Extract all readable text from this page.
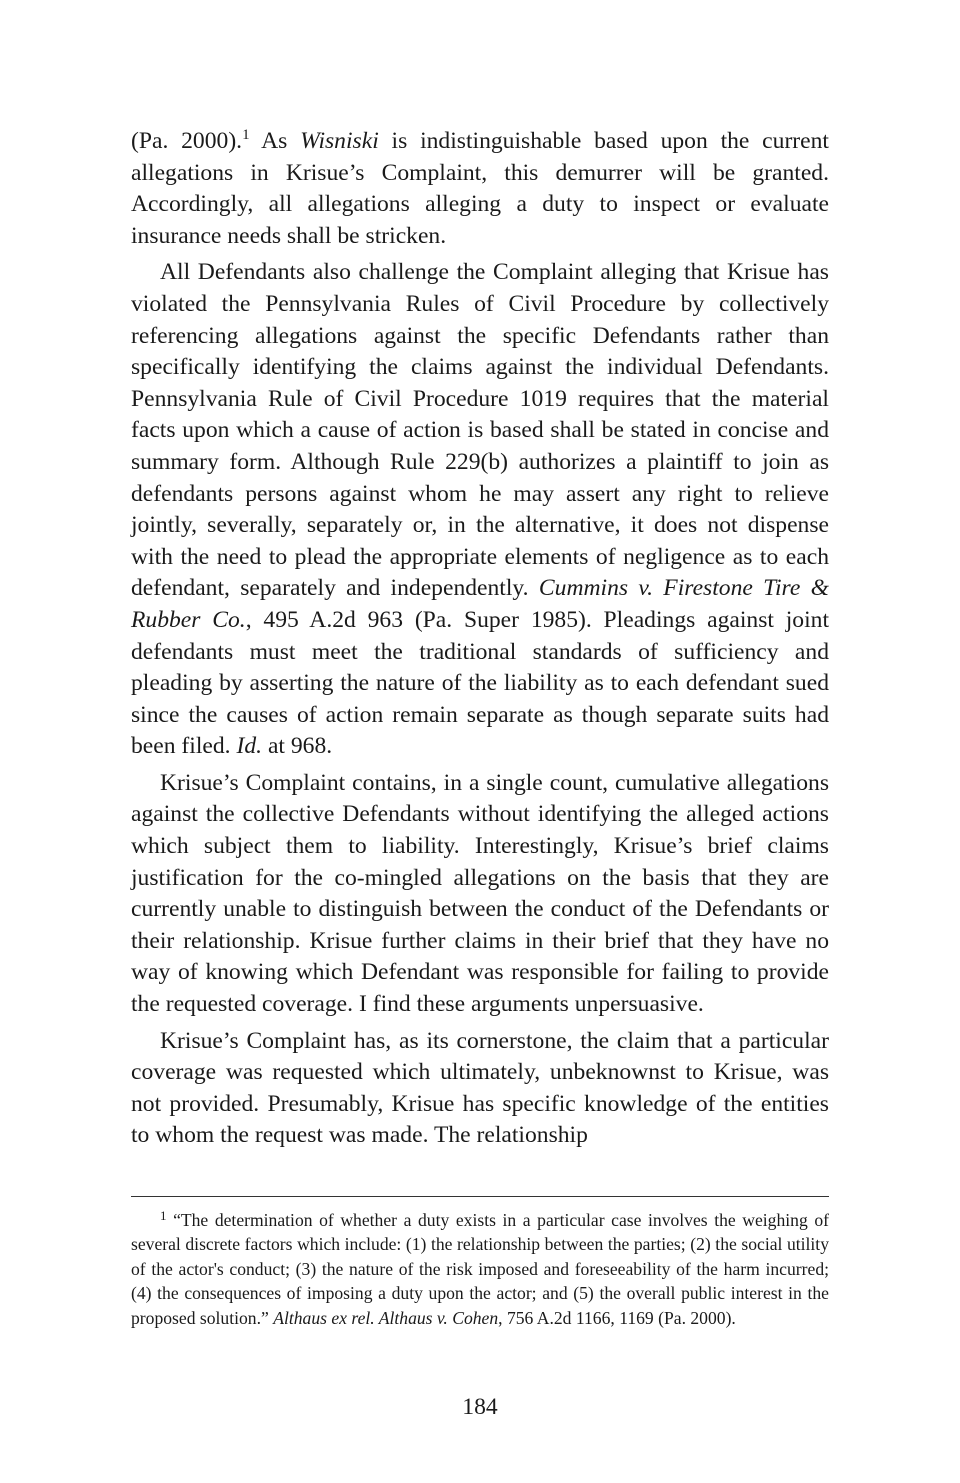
(Pa. 2000).$^1$ As Wisniski is indistinguishable based upon the current allegations in Krisue’s Complaint, this demurrer will be granted. Accordingly, all allegations alleging a duty to inspect or evaluate insurance needs shall be stricken.

All Defendants also challenge the Complaint alleging that Krisue has violated the Pennsylvania Rules of Civil Procedure by collectively referencing allegations against the specific Defendants rather than specifically identifying the claims against the individual Defendants. Pennsylvania Rule of Civil Procedure 1019 requires that the material facts upon which a cause of action is based shall be stated in concise and summary form. Although Rule 229(b) authorizes a plaintiff to join as defendants persons against whom he may assert any right to relieve jointly, severally, separately or, in the alternative, it does not dispense with the need to plead the appropriate elements of negligence as to each defendant, separately and independently. Cummins v. Firestone Tire & Rubber Co., 495 A.2d 963 (Pa. Super 1985). Pleadings against joint defendants must meet the traditional standards of sufficiency and pleading by asserting the nature of the liability as to each defendant sued since the causes of action remain separate as though separate suits had been filed. Id. at 968.

Krisue’s Complaint contains, in a single count, cumulative allegations against the collective Defendants without identifying the alleged actions which subject them to liability. Interestingly, Krisue’s brief claims justification for the co-mingled allegations on the basis that they are currently unable to distinguish between the conduct of the Defendants or their relationship. Krisue further claims in their brief that they have no way of knowing which Defendant was responsible for failing to provide the requested coverage. I find these arguments unpersuasive.

Krisue’s Complaint has, as its cornerstone, the claim that a particular coverage was requested which ultimately, unbeknownst to Krisue, was not provided. Presumably, Krisue has specific knowledge of the entities to whom the request was made. The relationship

$^1$ “The determination of whether a duty exists in a particular case involves the weighing of several discrete factors which include: (1) the relationship between the parties; (2) the social utility of the actor's conduct; (3) the nature of the risk imposed and foreseeability of the harm incurred; (4) the consequences of imposing a duty upon the actor; and (5) the overall public interest in the proposed solution.” Althaus ex rel. Althaus v. Cohen, 756 A.2d 1166, 1169 (Pa. 2000).
184
